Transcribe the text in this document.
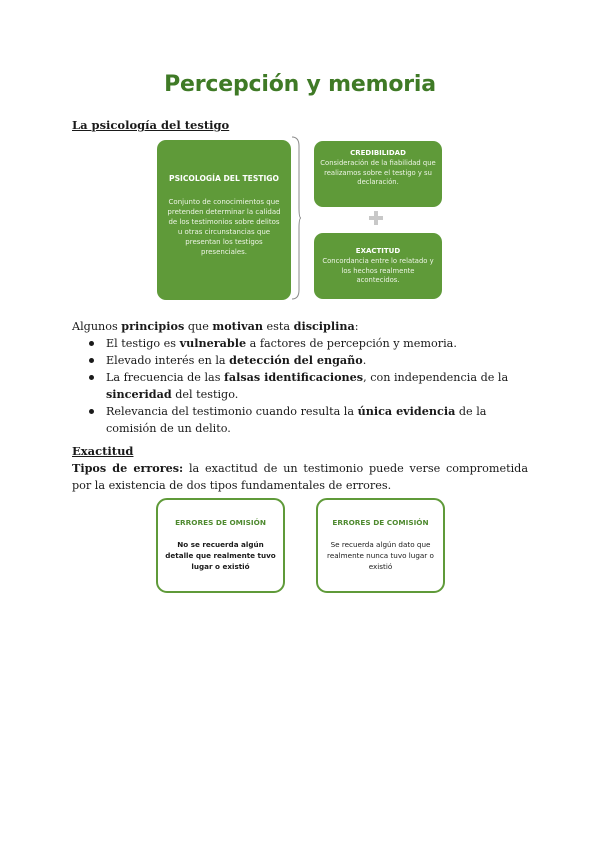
Percepción y memoria
La psicología del testigo
PSICOLOGÍA DEL TESTIGO
Conjunto de conocimientos que pretenden determinar la calidad de los testimonios sobre delitos u otras circunstancias que presentan los testigos presenciales.
CREDIBILIDAD
Consideración de la fiabilidad que realizamos sobre el testigo y su declaración.
EXACTITUD
Concordancia entre lo relatado y los hechos realmente acontecidos.
Algunos principios que motivan esta disciplina:
El testigo es vulnerable a factores de percepción y memoria.
Elevado interés en la detección del engaño.
La frecuencia de las falsas identificaciones, con independencia de la sinceridad del testigo.
Relevancia del testimonio cuando resulta la única evidencia de la comisión de un delito.
Exactitud
Tipos de errores: la exactitud de un testimonio puede verse comprometida por la existencia de dos tipos fundamentales de errores.
ERRORES DE OMISIÓN
No se recuerda algún detalle que realmente tuvo lugar o existió
ERRORES DE COMISIÓN
Se recuerda algún dato que realmente nunca tuvo lugar o existió
